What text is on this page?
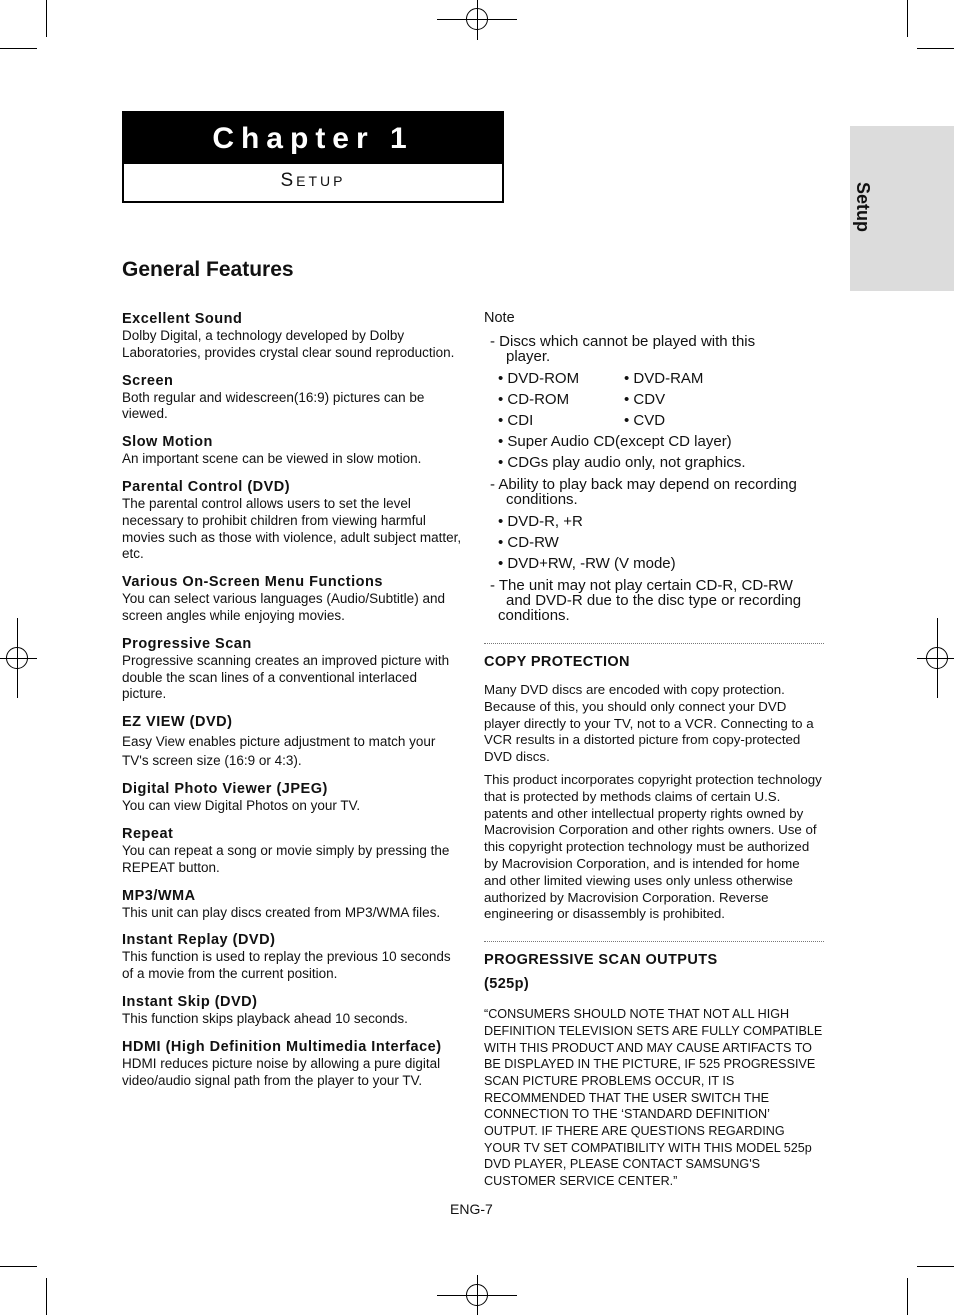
Chapter 1
SETUP
Setup
General Features
Excellent Sound
Dolby Digital, a technology developed by Dolby Laboratories, provides crystal clear sound reproduction.
Screen
Both regular and widescreen(16:9) pictures can be viewed.
Slow Motion
An important scene can be viewed in slow motion.
Parental Control (DVD)
The parental control allows users to set the level necessary to prohibit children from viewing harmful movies such as those with violence, adult subject matter, etc.
Various On-Screen Menu Functions
You can select various languages (Audio/Subtitle) and screen angles while enjoying movies.
Progressive Scan
Progressive scanning creates an improved picture with double the scan lines of a conventional interlaced picture.
EZ VIEW (DVD)
Easy View enables picture adjustment to match your TV's screen size (16:9 or 4:3).
Digital Photo Viewer (JPEG)
You can view Digital Photos on your TV.
Repeat
You can repeat a song or movie simply by pressing the REPEAT button.
MP3/WMA
This unit can play discs created from MP3/WMA files.
Instant Replay (DVD)
This function is used to replay the previous 10 seconds of a movie from the current position.
Instant Skip (DVD)
This function skips playback ahead 10 seconds.
HDMI (High Definition Multimedia Interface)
HDMI reduces picture noise by allowing a pure digital video/audio signal path from the player to your TV.
Note
- Discs which cannot be played with this
player.
• DVD-ROM	• DVD-RAM
• CD-ROM	• CDV
• CDI	• CVD
• Super Audio CD(except CD layer)
• CDGs play audio only, not graphics.
- Ability to play back may depend on recording
conditions.
• DVD-R, +R
• CD-RW
• DVD+RW, -RW (V mode)
- The unit may not play certain CD-R, CD-RW
and DVD-R due to the disc type or recording
conditions.
COPY PROTECTION
Many DVD discs are encoded with copy protection. Because of this, you should only connect your DVD player directly to your TV, not to a VCR. Connecting to a VCR results in a distorted picture from copy-protected DVD discs.
This product incorporates copyright protection technology that is protected by methods claims of certain U.S. patents and other intellectual property rights owned by Macrovision Corporation and other rights owners. Use of this copyright protection technology must be authorized by Macrovision Corporation, and is intended for home and other limited viewing uses only unless otherwise authorized by Macrovision Corporation. Reverse engineering or disassembly is prohibited.
PROGRESSIVE SCAN OUTPUTS
(525p)
“CONSUMERS SHOULD NOTE THAT NOT ALL HIGH DEFINITION TELEVISION SETS ARE FULLY COMPATIBLE WITH THIS PRODUCT AND MAY CAUSE ARTIFACTS TO BE DISPLAYED IN THE PICTURE, IF 525 PROGRESSIVE SCAN PICTURE PROBLEMS OCCUR, IT IS RECOMMENDED THAT THE USER SWITCH THE CONNECTION TO THE ‘STANDARD DEFINITION’ OUTPUT. IF THERE ARE QUESTIONS REGARDING YOUR TV SET COMPATIBILITY WITH THIS MODEL 525p DVD PLAYER, PLEASE CONTACT SAMSUNG'S CUSTOMER SERVICE CENTER.”
ENG-7
